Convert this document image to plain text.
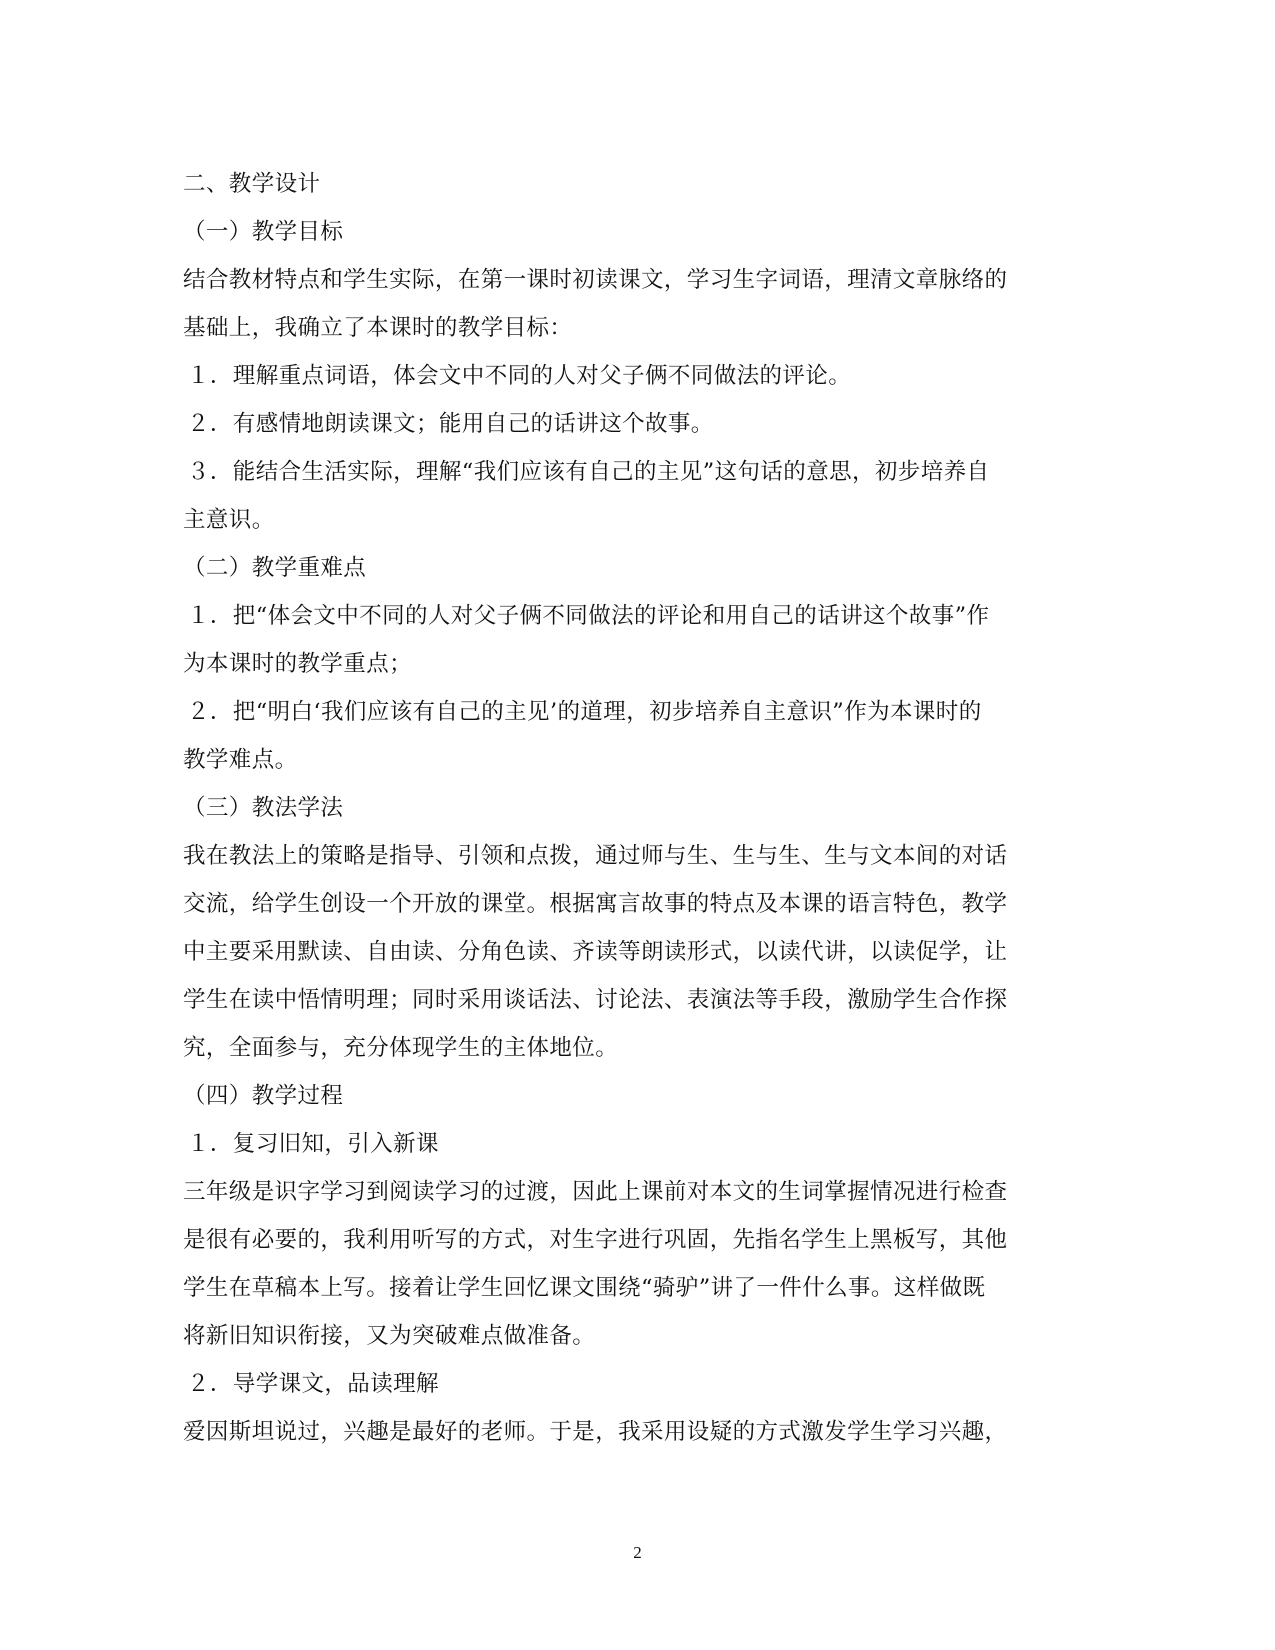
二、教学设计
（一）教学目标
结合教材特点和学生实际，在第一课时初读课文，学习生字词语，理清文章脉络的
基础上，我确立了本课时的教学目标：
１．理解重点词语，体会文中不同的人对父子俩不同做法的评论。
２．有感情地朗读课文；能用自己的话讲这个故事。
３．能结合生活实际，理解“我们应该有自己的主见”这句话的意思，初步培养自
主意识。
（二）教学重难点
１．把“体会文中不同的人对父子俩不同做法的评论和用自己的话讲这个故事”作
为本课时的教学重点；
２．把“明白‘我们应该有自己的主见’的道理，初步培养自主意识”作为本课时的
教学难点。
（三）教法学法
我在教法上的策略是指导、引领和点拨，通过师与生、生与生、生与文本间的对话
交流，给学生创设一个开放的课堂。根据寓言故事的特点及本课的语言特色，教学
中主要采用默读、自由读、分角色读、齐读等朗读形式，以读代讲，以读促学，让
学生在读中悟情明理；同时采用谈话法、讨论法、表演法等手段，激励学生合作探
究，全面参与，充分体现学生的主体地位。
（四）教学过程
１．复习旧知，引入新课
三年级是识字学习到阅读学习的过渡，因此上课前对本文的生词掌握情况进行检查
是很有必要的，我利用听写的方式，对生字进行巩固，先指名学生上黑板写，其他
学生在草稿本上写。接着让学生回忆课文围绕“骑驴”讲了一件什么事。这样做既
将新旧知识衔接，又为突破难点做准备。
２．导学课文，品读理解
爱因斯坦说过，兴趣是最好的老师。于是，我采用设疑的方式激发学生学习兴趣，
2
